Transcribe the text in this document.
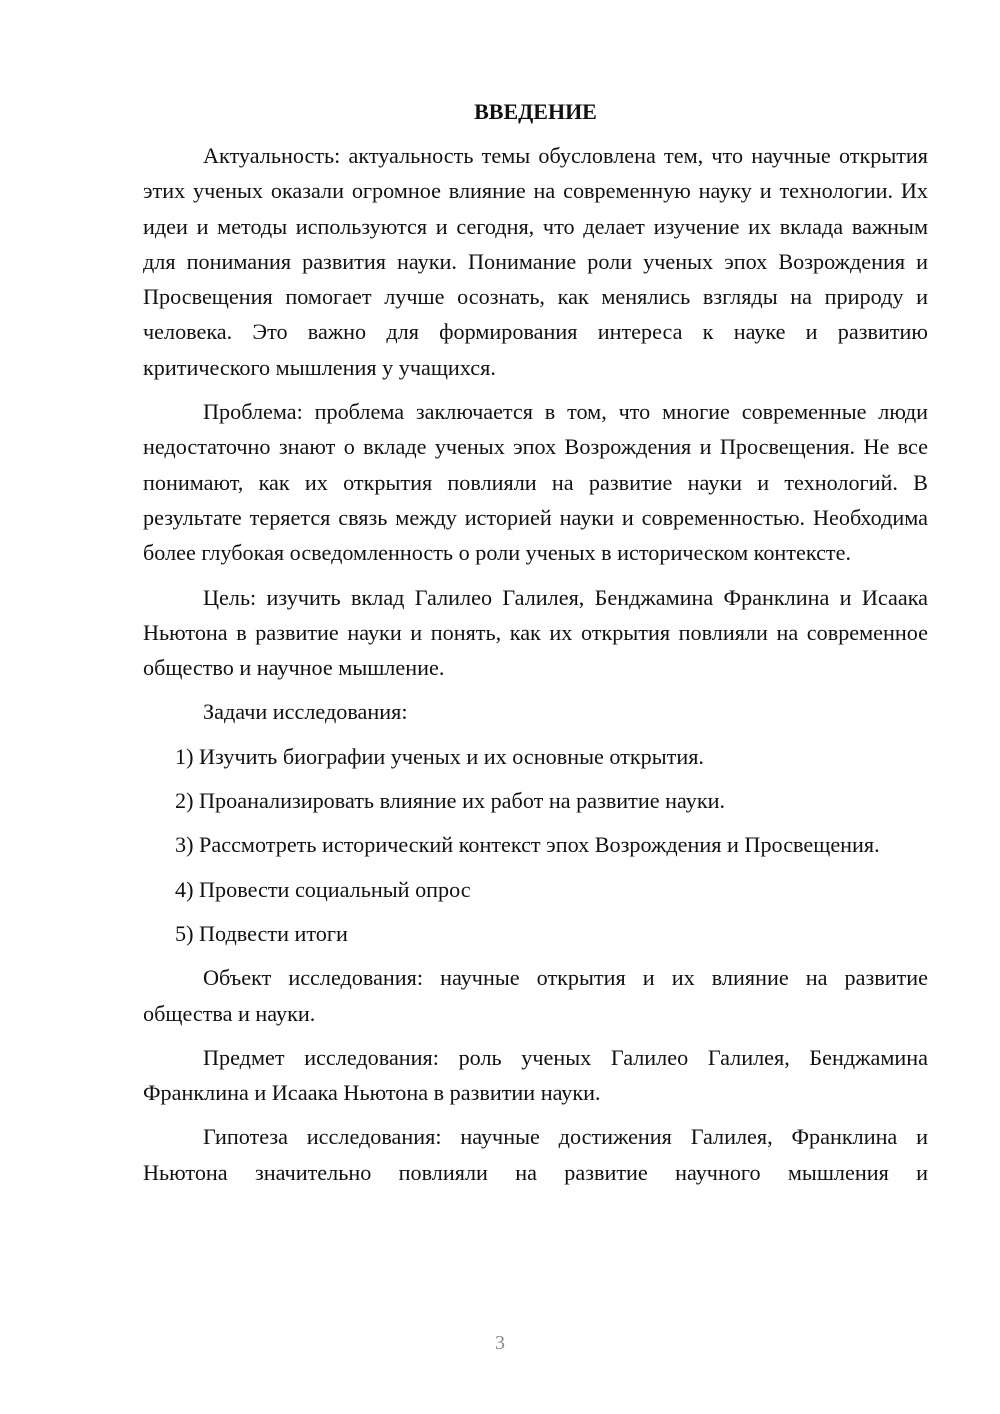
ВВЕДЕНИЕ

Актуальность: актуальность темы обусловлена тем, что научные открытия этих ученых оказали огромное влияние на современную науку и технологии. Их идеи и методы используются и сегодня, что делает изучение их вклада важным для понимания развития науки. Понимание роли ученых эпох Возрождения и Просвещения помогает лучше осознать, как менялись взгляды на природу и человека. Это важно для формирования интереса к науке и развитию критического мышления у учащихся.

Проблема: проблема заключается в том, что многие современные люди недостаточно знают о вкладе ученых эпох Возрождения и Просвещения. Не все понимают, как их открытия повлияли на развитие науки и технологий. В результате теряется связь между историей науки и современностью. Необходима более глубокая осведомленность о роли ученых в историческом контексте.

Цель: изучить вклад Галилео Галилея, Бенджамина Франклина и Исаака Ньютона в развитие науки и понять, как их открытия повлияли на современное общество и научное мышление.

Задачи исследования:

1) Изучить биографии ученых и их основные открытия.

2) Проанализировать влияние их работ на развитие науки.

3) Рассмотреть исторический контекст эпох Возрождения и Просвещения.

4) Провести социальный опрос

5) Подвести итоги

Объект исследования: научные открытия и их влияние на развитие общества и науки.

Предмет исследования: роль ученых Галилео Галилея, Бенджамина Франклина и Исаака Ньютона в развитии науки.

Гипотеза исследования: научные достижения Галилея, Франклина и Ньютона значительно повлияли на развитие научного мышления и

3
